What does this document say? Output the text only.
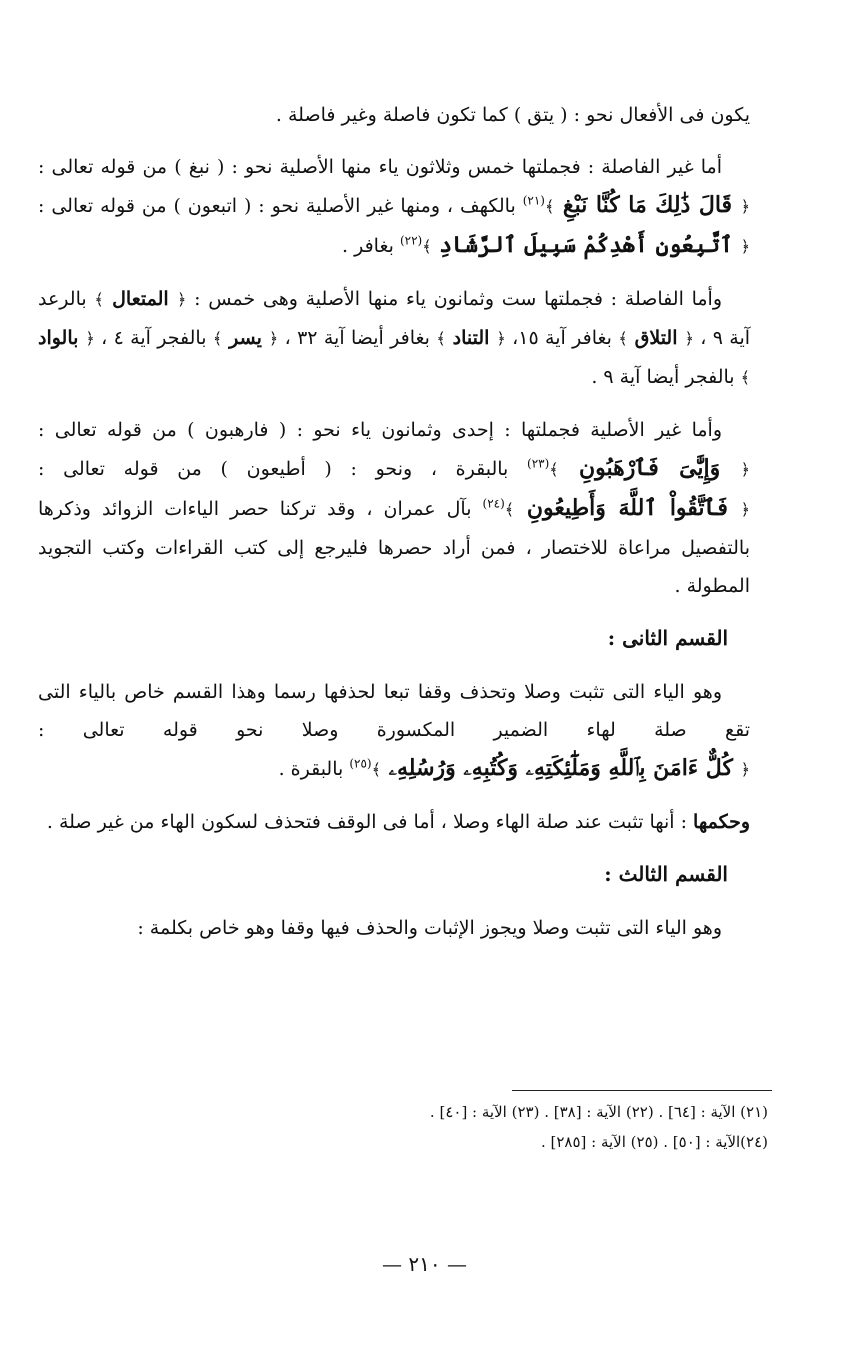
يكون فى الأفعال نحو : ( يتق ) كما تكون فاصلة وغير فاصلة .

أما غير الفاصلة : فجملتها خمس وثلاثون ياء منها الأصلية نحو : ( نبغ ) من قوله تعالى : ﴿ قَالَ ذَٰلِكَ مَا كُنَّا نَبْغِ ﴾$^{(٢١)}$ بالكهف ، ومنها غير الأصلية نحو : ( اتبعون ) من قوله تعالى : ﴿ ٱتَّبِعُونِ أَهْدِكُمْ سَبِيلَ ٱلرَّشَادِ ﴾$^{(٢٢)}$ بغافر .

وأما الفاصلة : فجملتها ست وثمانون ياء منها الأصلية وهى خمس : ﴿ المتعال ﴾ بالرعد آية ٩ ، ﴿ التلاق ﴾ بغافر آية ١٥، ﴿ التناد ﴾ بغافر أيضا آية ٣٢ ، ﴿ يسر ﴾ بالفجر آية ٤ ، ﴿ بالواد ﴾ بالفجر أيضا آية ٩ .

وأما غير الأصلية فجملتها : إحدى وثمانون ياء نحو : ( فارهبون ) من قوله تعالى : ﴿ وَإِيَّٰىَ فَٱرْهَبُونِ ﴾$^{(٢٣)}$ بالبقرة ، ونحو : ( أطيعون ) من قوله تعالى : ﴿ فَٱتَّقُواْ ٱللَّهَ وَأَطِيعُونِ ﴾$^{(٢٤)}$ بآل عمران ، وقد تركنا حصر الياءات الزوائد وذكرها بالتفصيل مراعاة للاختصار ، فمن أراد حصرها فليرجع إلى كتب القراءات وكتب التجويد المطولة .

القسم الثانى :

وهو الياء التى تثبت وصلا وتحذف وقفا تبعا لحذفها رسما وهذا القسم خاص بالياء التى تقع صلة لهاء الضمير المكسورة وصلا نحو قوله تعالى : ﴿ كُلٌّ ءَامَنَ بِٱللَّهِ وَمَلَٰٓئِكَتِهِۦ وَكُتُبِهِۦ وَرُسُلِهِۦ ﴾$^{(٢٥)}$ بالبقرة .

وحكمها : أنها تثبت عند صلة الهاء وصلا ، أما فى الوقف فتحذف لسكون الهاء من غير صلة .

القسم الثالث :

وهو الياء التى تثبت وصلا ويجوز الإثبات والحذف فيها وقفا وهو خاص بكلمة :

(٢١) الآية : [٦٤] . (٢٢) الآية : [٣٨] . (٢٣) الآية : [٤٠] .
(٢٤)الآية : [٥٠] . (٢٥) الآية : [٢٨٥] .
— ٢١٠ —
